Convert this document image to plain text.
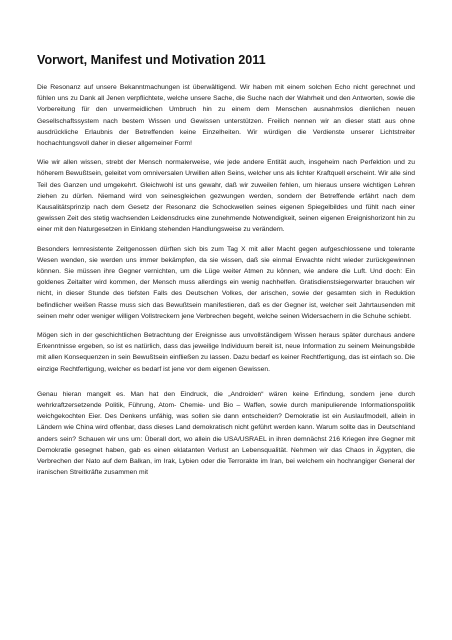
Vorwort, Manifest und Motivation 2011

Die Resonanz auf unsere Bekanntmachungen ist überwältigend. Wir haben mit einem solchen Echo nicht gerechnet und fühlen uns zu Dank all Jenen verpflichtete, welche unsere Sache, die Suche nach der Wahrheit und den Antworten, sowie die Vorbereitung für den unvermeidlichen Umbruch hin zu einem dem Menschen ausnahmslos dienlichen neuen Gesellschaftssystem nach bestem Wissen und Gewissen unterstützen. Freilich nennen wir an dieser statt aus ohne ausdrückliche Erlaubnis der Betreffenden keine Einzelheiten. Wir würdigen die Verdienste unserer Lichtstreiter hochachtungsvoll daher in dieser allgemeiner Form!

Wie wir allen wissen, strebt der Mensch normalerweise, wie jede andere Entität auch, insgeheim nach Perfektion und zu höherem Bewußtsein, geleitet vom omniversalen Urwillen allen Seins, welcher uns als lichter Kraftquell erscheint. Wir alle sind Teil des Ganzen und umgekehrt. Gleichwohl ist uns gewahr, daß wir zuweilen fehlen, um hieraus unsere wichtigen Lehren ziehen zu dürfen. Niemand wird von seinesgleichen gezwungen werden, sondern der Betreffende erfährt nach dem Kausalitätsprinzip nach dem Gesetz der Resonanz die Schockwellen seines eigenen Spiegelbildes und fühlt nach einer gewissen Zeit des stetig wachsenden Leidensdrucks eine zunehmende Notwendigkeit, seinen eigenen Ereignishorizont hin zu einer mit den Naturgesetzen in Einklang stehenden Handlungsweise zu verändern.

Besonders lernresistente Zeitgenossen dürften sich bis zum Tag X mit aller Macht gegen aufgeschlossene und tolerante Wesen wenden, sie werden uns immer bekämpfen, da sie wissen, daß sie einmal Erwachte nicht wieder zurückgewinnen können. Sie müssen ihre Gegner vernichten, um die Lüge weiter Atmen zu können, wie andere die Luft. Und doch: Ein goldenes Zeitalter wird kommen, der Mensch muss allerdings ein wenig nachhelfen. Gratisdienstsiegerwarter brauchen wir nicht, in dieser Stunde des tiefsten Falls des Deutschen Volkes, der arischen, sowie der gesamten sich in Reduktion befindlicher weißen Rasse muss sich das Bewußtsein manifestieren, daß es der Gegner ist, welcher seit Jahrtausenden mit seinen mehr oder weniger willigen Vollstreckern jene Verbrechen begeht, welche seinen Widersachern in die Schuhe schiebt.

Mögen sich in der geschichtlichen Betrachtung der Ereignisse aus unvollständigem Wissen heraus später durchaus andere Erkenntnisse ergeben, so ist es natürlich, dass das jeweilige Individuum bereit ist, neue Information zu seinem Meinungsbilde mit allen Konsequenzen in sein Bewußtsein einfließen zu lassen. Dazu bedarf es keiner Rechtfertigung, das ist einfach so. Die einzige Rechtfertigung, welcher es bedarf ist jene vor dem eigenen Gewissen.

Genau hieran mangelt es. Man hat den Eindruck, die „Androiden“ wären keine Erfindung, sondern jene durch wehrkraftzersetzende Politik, Führung, Atom- Chemie- und Bio – Waffen, sowie durch manipulierende Informationspolitik weichgekochten Eier. Des Denkens unfähig, was sollen sie dann entscheiden? Demokratie ist ein Auslaufmodell, allein in Ländern wie China wird offenbar, dass dieses Land demokratisch nicht geführt werden kann. Warum sollte das in Deutschland anders sein? Schauen wir uns um: Überall dort, wo allein die USA/USRAEL in ihren demnächst 216 Kriegen ihre Gegner mit Demokratie gesegnet haben, gab es einen eklatanten Verlust an Lebensqualität. Nehmen wir das Chaos in Ägypten, die Verbrechen der Nato auf dem Balkan, im Irak, Lybien oder die Terroraktе im Iran, bei welchem ein hochrangiger General der iranischen Streitkräfte zusammen mit
